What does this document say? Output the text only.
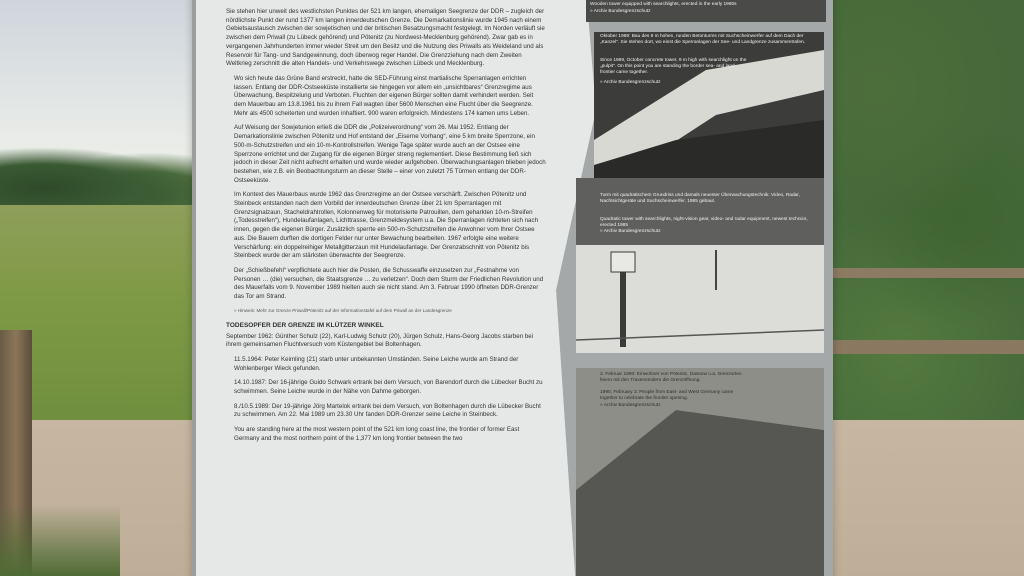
Sie stehen hier unweit des westlichsten Punktes der 521 km langen, ehemaligen Seegrenze der DDR – zugleich der nördlichste Punkt der rund 1377 km langen innerdeutschen Grenze. Die Demarkationslinie wurde 1945 nach einem Gebietsaustausch zwischen der sowjetischen und der britischen Besatzungsmacht festgelegt. Im Norden verläuft sie zwischen dem Priwall (zu Lübeck gehörend) und Pötenitz (zu Nordwest-Mecklenburg gehörend). Zwar gab es in vergangenen Jahrhunderten immer wieder Streit um den Besitz und die Nutzung des Priwalls als Weideland und als Reservoir für Tang- und Sandgewinnung, doch überwog reger Handel. Die Grenzziehung nach dem Zweiten Weltkrieg zerschnitt die alten Handels- und Verkehrswege zwischen Lübeck und Mecklenburg.

Wo sich heute das Grüne Band erstreckt, hatte die SED-Führung einst martialische Sperranlagen errichten lassen. Entlang der DDR-Ostseeküste installierte sie hingegen vor allem ein „unsichtbares“ Grenzregime aus Überwachung, Bespitzelung und Verboten. Fluchten der eigenen Bürger sollten damit verhindert werden. Seit dem Mauerbau am 13.8.1961 bis zu ihrem Fall wagten über 5600 Menschen eine Flucht über die Seegrenze. Mehr als 4500 scheiterten und wurden inhaftiert. 900 waren erfolgreich. Mindestens 174 kamen ums Leben.

Auf Weisung der Sowjetunion erließ die DDR die „Polizeiverordnung“ vom 26. Mai 1952. Entlang der Demarkationslinie zwischen Pötenitz und Hof entstand der „Eiserne Vorhang“, eine 5 km breite Sperrzone, ein 500-m-Schutzstreifen und ein 10-m-Kontrollstreifen. Wenige Tage später wurde auch an der Ostsee eine Sperrzone errichtet und der Zugang für die eigenen Bürger streng reglementiert. Diese Bestimmung ließ sich jedoch in dieser Zeit nicht aufrecht erhalten und wurde wieder aufgehoben. Überwachungsanlagen blieben jedoch bestehen, wie z.B. ein Beobachtungsturm an dieser Stelle – einer von zuletzt 75 Türmen entlang der DDR-Ostseeküste.

Im Kontext des Mauerbaus wurde 1962 das Grenzregime an der Ostsee verschärft. Zwischen Pötenitz und Steinbeck entstanden nach dem Vorbild der innerdeutschen Grenze über 21 km Sperranlagen mit Grenzsignalzaun, Stacheldrahtrollen, Kolonnenweg für motorisierte Patrouillen, dem geharkten 10-m-Streifen („Todesstreifen“), Hundelaufanlagen, Lichttrasse, Grenzmeldesystem u.a. Die Sperranlagen richteten sich nach innen, gegen die eigenen Bürger. Zusätzlich sperrte ein 500-m-Schutzstreifen die Anwohner vom Ihrer Ostsee aus. Die Bauern durften die dortigen Felder nur unter Bewachung bearbeiten. 1967 erfolgte eine weitere Verschärfung: ein doppelreihiger Metallgitterzaun mit Hundelaufanlage. Der Grenzabschnitt von Pötenitz bis Steinbeck wurde der am stärksten überwachte der Seegrenze.

Der „Schießbefehl“ verpflichtete auch hier die Posten, die Schusswaffe einzusetzen zur „Festnahme von Personen … (die) versuchen, die Staatsgrenze … zu verletzen“. Doch dem Sturm der Friedlichen Revolution und des Mauerfalls vom 9. November 1989 hielten auch sie nicht stand. Am 3. Februar 1990 öffneten DDR-Grenzer das Tor am Strand.

» Hinweis: Mehr zur Grenze Priwall/Pötenitz auf der Informationstafel auf dem Priwall an der Landesgrenze

TODESOPFER DER GRENZE IM KLÜTZER WINKEL

September 1962: Günther Schulz (22), Karl-Ludwig Schulz (20), Jürgen Schulz, Hans-Georg Jacobs starben bei ihrem gemeinsamen Fluchtversuch vom Küstengebiet bei Boltenhagen.

11.5.1964: Peter Keimling (21) starb unter unbekannten Umständen. Seine Leiche wurde am Strand der Wohlenberger Wieck gefunden.

14.10.1987: Der 16-jährige Guido Schwark ertrank bei dem Versuch, von Barendorf durch die Lübecker Bucht zu schwimmen. Seine Leiche wurde in der Nähe von Dahme geborgen.

8./10.5.1989: Der 19-jährige Jörg Martelok ertrank bei dem Versuch, von Boltenhagen durch die Lübecker Bucht zu schwimmen. Am 22. Mai 1989 um 23.30 Uhr fanden DDR-Grenzer seine Leiche in Steinbeck.

You are standing here at the most western point of the 521 km long coast line, the frontier of former East Germany and the most northern point of the 1,377 km long frontier between the two

Wooden tower equipped with searchlights, erected in the early 1960s
» Archiv Bundesgrenzschutz
Oktober 1969: Bau des 9 m hohen, runden Betonturms mit Suchscheinwerfer auf dem Dach der „Kanzel“. Sie stehen dort, wo einst die Sperranlagen der See- und Landgrenze zusammentrafen.
Since 1969, October concrete tower, 9 m high with searchlight on the „pulpit“. On this point you are standing the border sea- and land frontier came together.
» Archiv Bundesgrenzschutz
Turm mit quadratischem Grundriss und damals neuester Überwachungstechnik: Video, Radar, Nachtsichtgeräte und Suchscheinwerfer, 1985 gebaut.
Quadratic tower with searchlights, night-vision gear, video- and radar equipment, newest technics, erected 1985
» Archiv Bundesgrenzschutz
3. Februar 1990: Einwohner von Pötenitz, Dassow u.a. Grenzorten feiern mit den Travemündern die Grenzöffnung.
1990, February 3: People from East- and West Germany came together to celebrate the frontier opening.
» Archiv Bundesgrenzschutz
